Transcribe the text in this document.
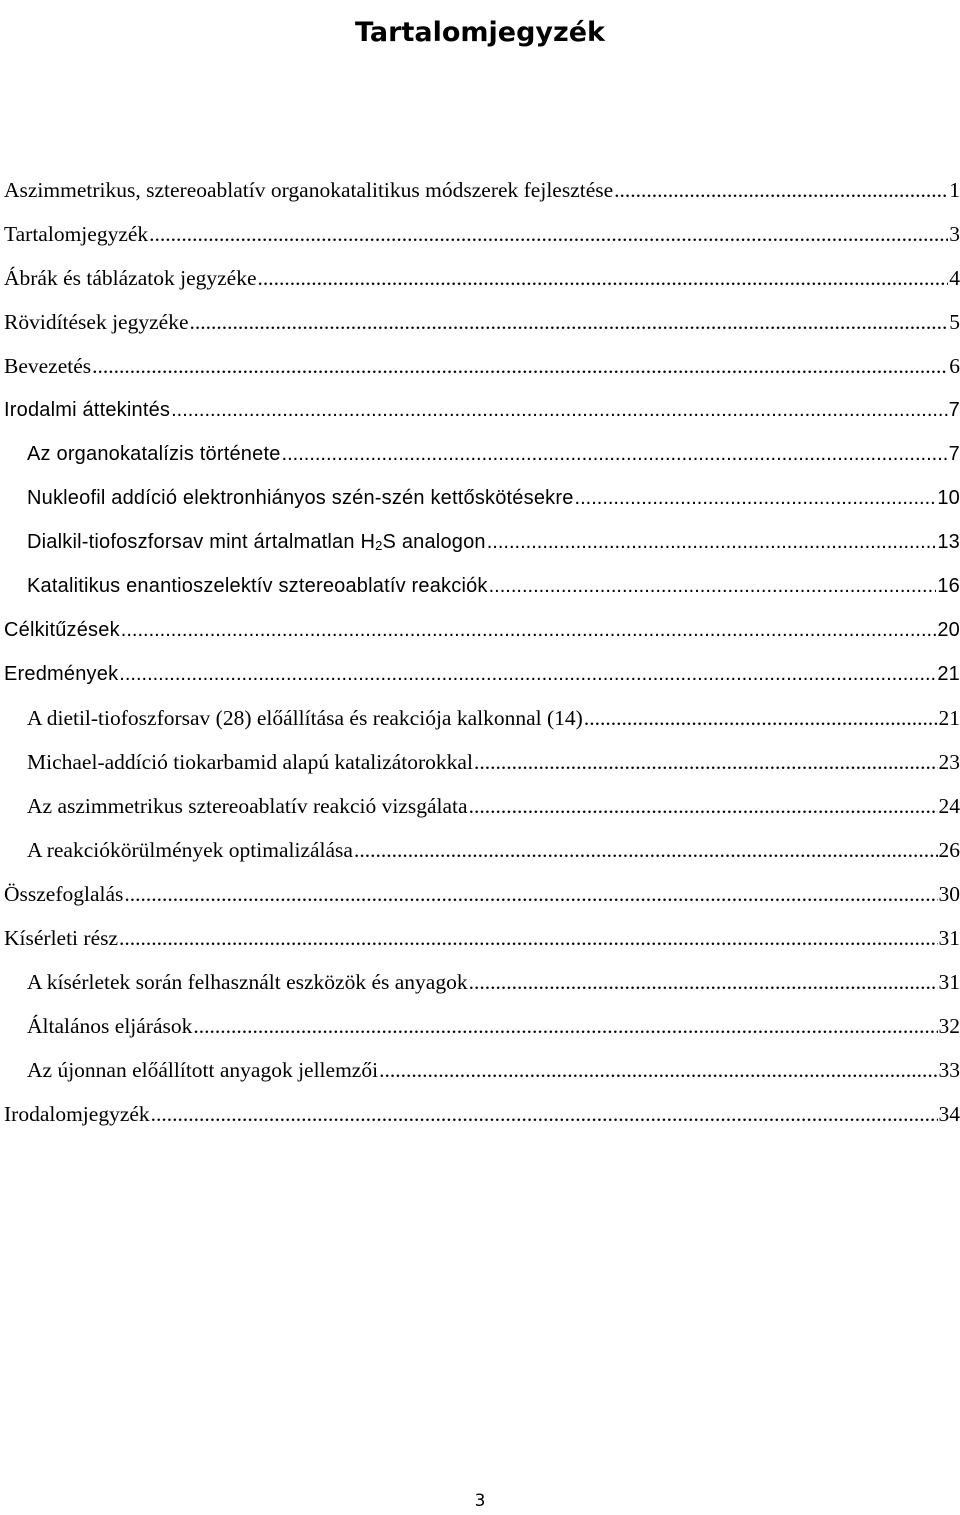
Tartalomjegyzék
Aszimmetrikus, sztereoablatív organokatalitikus módszerek fejlesztése .....	1
Tartalomjegyzék .....	3
Ábrák és táblázatok jegyzéke .....	4
Rövidítések jegyzéke .....	5
Bevezetés .....	6
Irodalmi áttekintés .....	7
Az organokatalízis története .....	7
Nukleofil addíció elektronhiányos szén-szén kettőskötésekre .....	10
Dialkil-tiofoszforsav mint ártalmatlan $H_2S$ analogon .....	13
Katalitikus enantioszelektív sztereoablatív reakciók .....	16
Célkitűzések .....	20
Eredmények .....	21
A dietil-tiofoszforsav (28) előállítása és reakciója kalkonnal (14) .....	21
Michael-addíció tiokarbamid alapú katalizátorokkal .....	23
Az aszimmetrikus sztereoablatív reakció vizsgálata .....	24
A reakciókörülmények optimalizálása .....	26
Összefoglalás .....	30
Kísérleti rész .....	31
A kísérletek során felhasznált eszközök és anyagok .....	31
Általános eljárások .....	32
Az újonnan előállított anyagok jellemzői .....	33
Irodalomjegyzék .....	34
3
